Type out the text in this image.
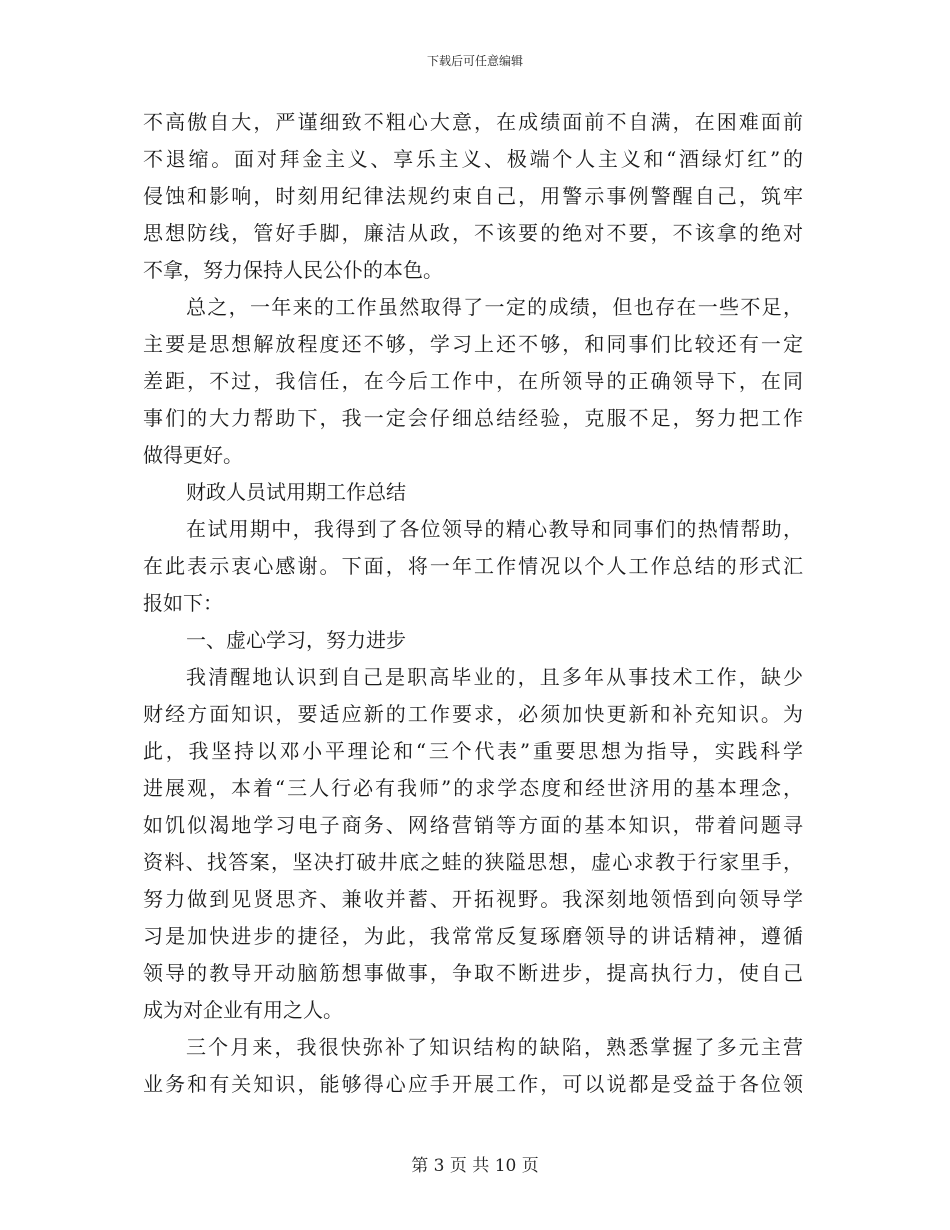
下载后可任意编辑
不高傲自大，严谨细致不粗心大意，在成绩面前不自满，在困难面前
不退缩。面对拜金主义、享乐主义、极端个人主义和“酒绿灯红”的
侵蚀和影响，时刻用纪律法规约束自己，用警示事例警醒自己，筑牢
思想防线，管好手脚，廉洁从政，不该要的绝对不要，不该拿的绝对
不拿，努力保持人民公仆的本色。
总之，一年来的工作虽然取得了一定的成绩，但也存在一些不足，
主要是思想解放程度还不够，学习上还不够，和同事们比较还有一定
差距，不过，我信任，在今后工作中，在所领导的正确领导下，在同
事们的大力帮助下，我一定会仔细总结经验，克服不足，努力把工作
做得更好。
财政人员试用期工作总结
在试用期中，我得到了各位领导的精心教导和同事们的热情帮助，
在此表示衷心感谢。下面，将一年工作情况以个人工作总结的形式汇
报如下：
一、虚心学习，努力进步
我清醒地认识到自己是职高毕业的，且多年从事技术工作，缺少
财经方面知识，要适应新的工作要求，必须加快更新和补充知识。为
此，我坚持以邓小平理论和“三个代表”重要思想为指导，实践科学
进展观，本着“三人行必有我师”的求学态度和经世济用的基本理念，
如饥似渴地学习电子商务、网络营销等方面的基本知识，带着问题寻
资料、找答案，坚决打破井底之蛙的狭隘思想，虚心求教于行家里手，
努力做到见贤思齐、兼收并蓄、开拓视野。我深刻地领悟到向领导学
习是加快进步的捷径，为此，我常常反复琢磨领导的讲话精神，遵循
领导的教导开动脑筋想事做事，争取不断进步，提高执行力，使自己
成为对企业有用之人。
三个月来，我很快弥补了知识结构的缺陷，熟悉掌握了多元主营
业务和有关知识，能够得心应手开展工作，可以说都是受益于各位领
第 3 页 共 10 页
